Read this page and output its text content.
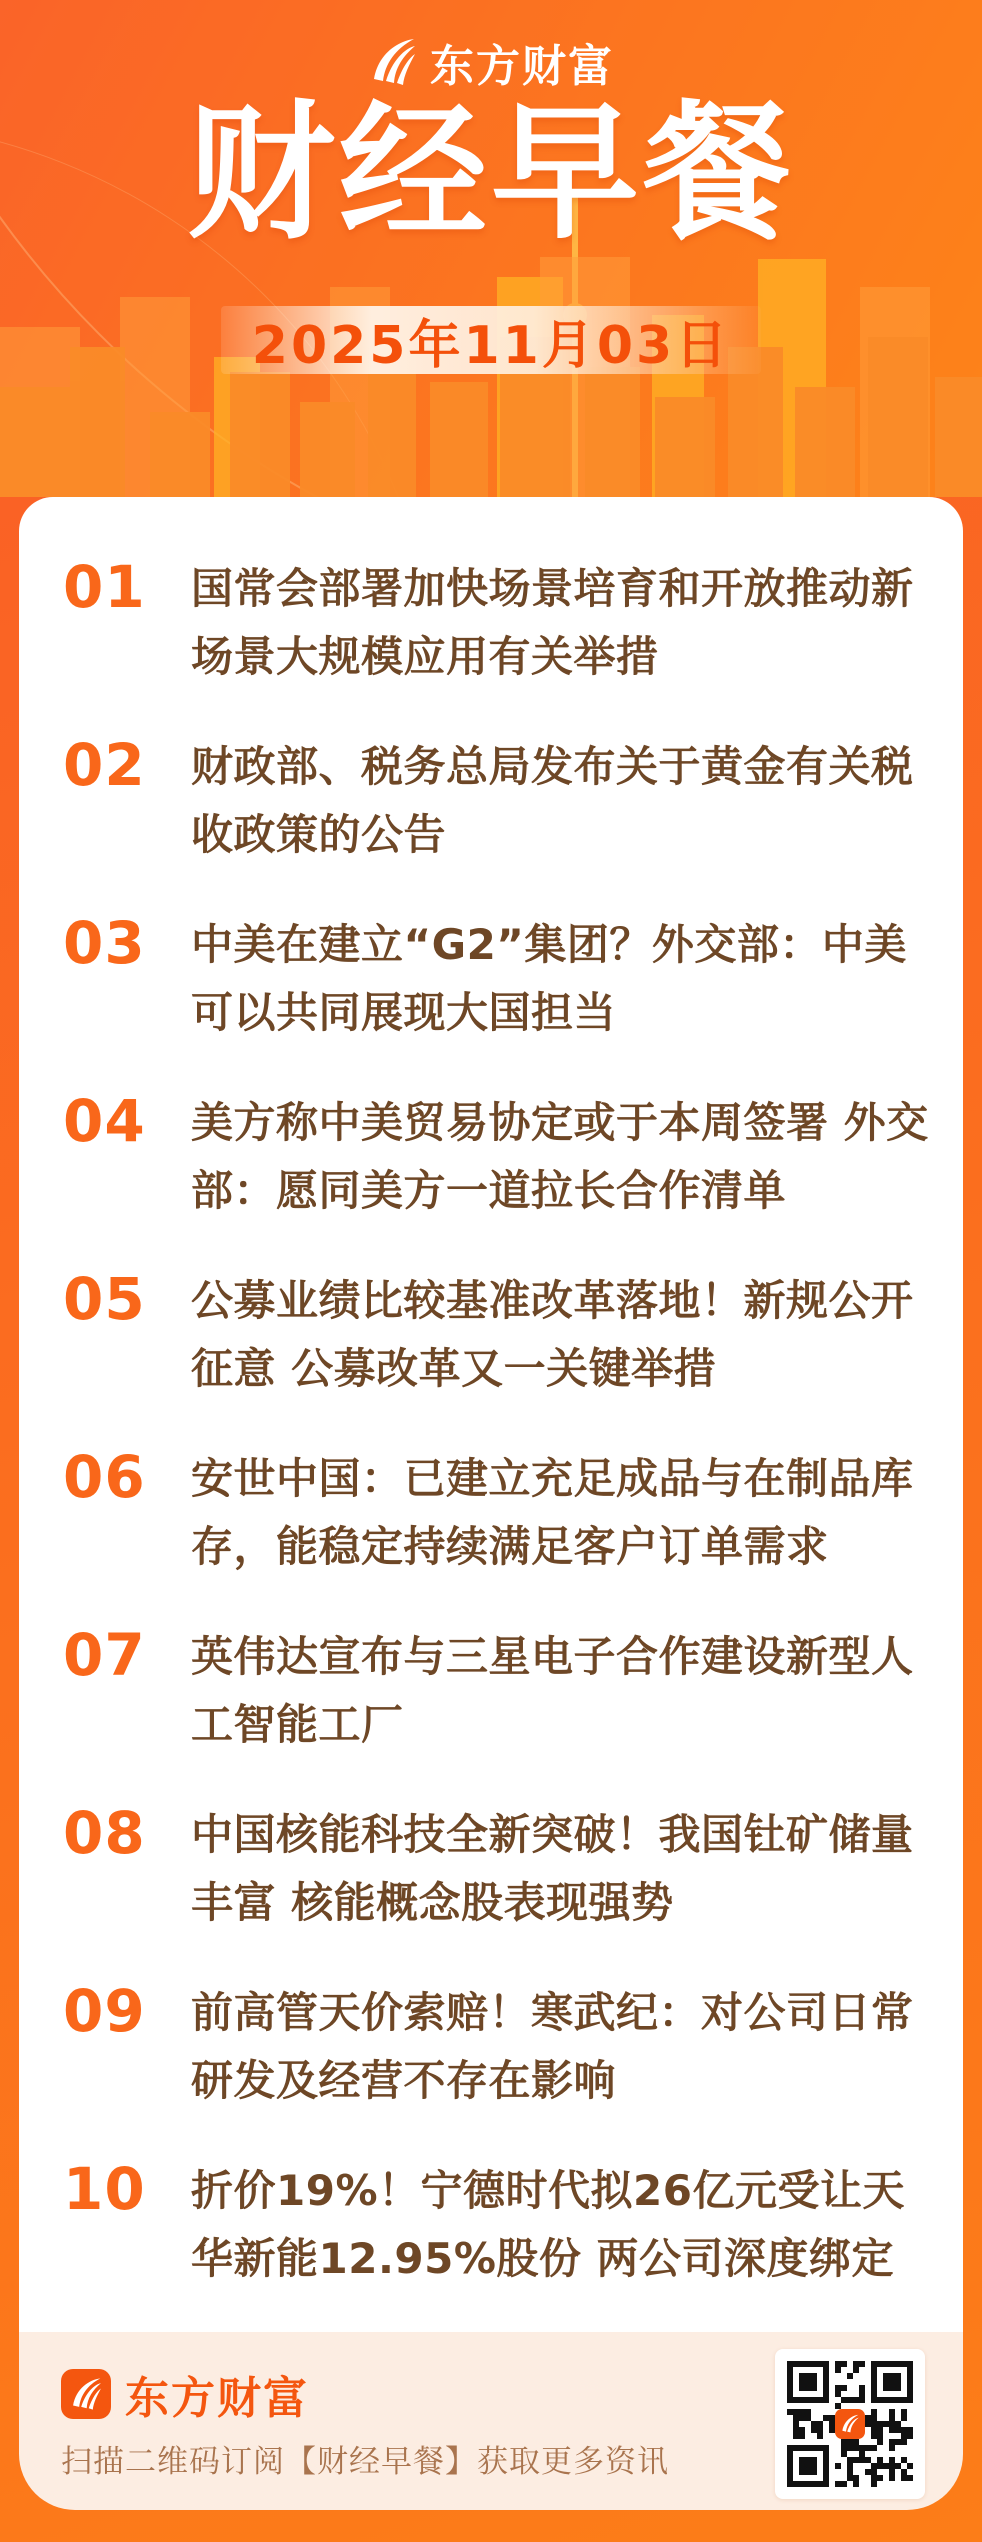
东方财富
财经早餐
2025年11月03日
01	国常会部署加快场景培育和开放推动新场景大规模应用有关举措
02	财政部、税务总局发布关于黄金有关税收政策的公告
03	中美在建立“G2”集团？外交部：中美可以共同展现大国担当
04	美方称中美贸易协定或于本周签署 外交部：愿同美方一道拉长合作清单
05	公募业绩比较基准改革落地！新规公开征意 公募改革又一关键举措
06	安世中国：已建立充足成品与在制品库存，能稳定持续满足客户订单需求
07	英伟达宣布与三星电子合作建设新型人工智能工厂
08	中国核能科技全新突破！我国钍矿储量丰富 核能概念股表现强势
09	前高管天价索赔！寒武纪：对公司日常研发及经营不存在影响
10	折价19%！宁德时代拟26亿元受让天华新能12.95%股份 两公司深度绑定
东方财富
扫描二维码订阅【财经早餐】获取更多资讯
